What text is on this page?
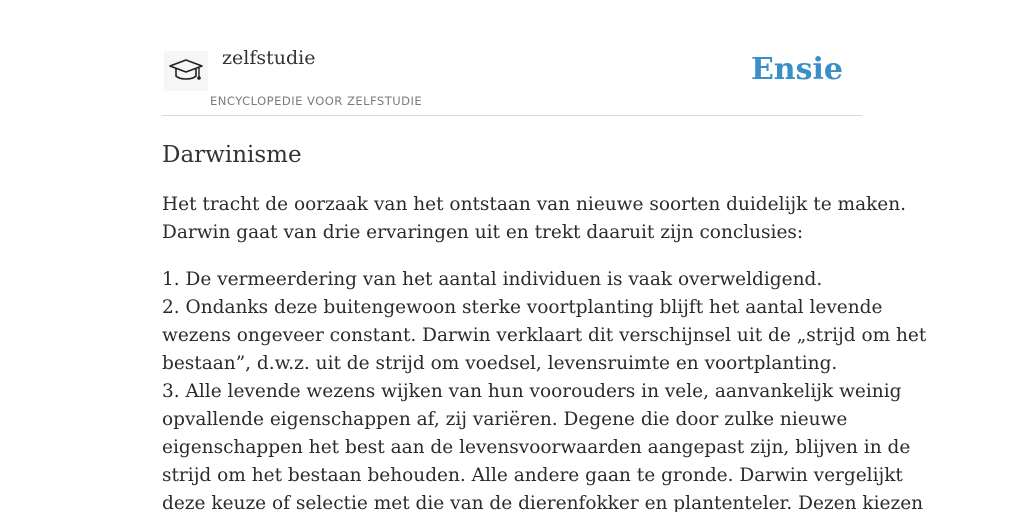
zelfstudie
ENCYCLOPEDIE VOOR ZELFSTUDIE
Ensie
Darwinisme

Het tracht de oorzaak van het ontstaan van nieuwe soorten duidelijk te maken.
Darwin gaat van drie ervaringen uit en trekt daaruit zijn conclusies:

1. De vermeerdering van het aantal individuen is vaak overweldigend.
2. Ondanks deze buitengewoon sterke voortplanting blijft het aantal levende
wezens ongeveer constant. Darwin verklaart dit verschijnsel uit de „strijd om het
bestaan”, d.w.z. uit de strijd om voedsel, levensruimte en voortplanting.
3. Alle levende wezens wijken van hun voorouders in vele, aanvankelijk weinig
opvallende eigenschappen af, zij variëren. Degene die door zulke nieuwe
eigenschappen het best aan de levensvoorwaarden aangepast zijn, blijven in de
strijd om het bestaan behouden. Alle andere gaan te gronde. Darwin vergelijkt
deze keuze of selectie met die van de dierenfokker en plantenteler. Dezen kiezen
